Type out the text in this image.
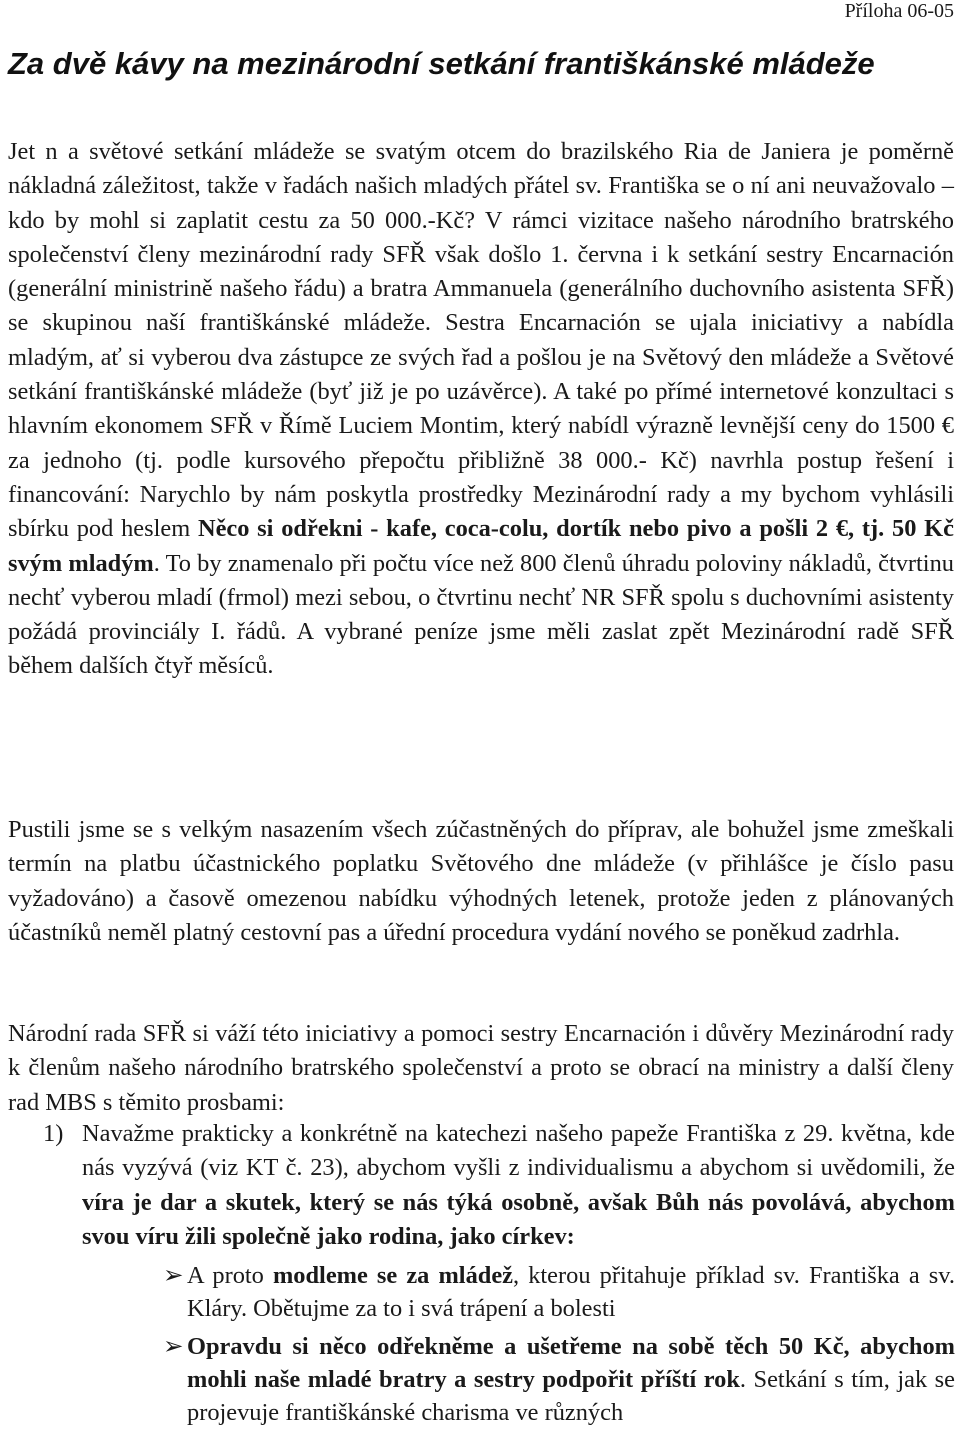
Příloha 06-05
Za dvě kávy na mezinárodní setkání františkánské mládeže

Jet n a světové setkání mládeže se svatým otcem do brazilského Ria de Janiera je poměrně nákladná záležitost, takže v řadách našich mladých přátel sv. Františka se o ní ani neuvažovalo – kdo by mohl si zaplatit cestu za 50 000.-Kč? V rámci vizitace našeho národního bratrského společenství členy mezinárodní rady SFŘ však došlo 1. června i k setkání sestry Encarnación (generální ministrině našeho řádu) a bratra Ammanuela (generálního duchovního asistenta SFŘ) se skupinou naší františkánské mládeže. Sestra Encarnación se ujala iniciativy a nabídla mladým, ať si vyberou dva zástupce ze svých řad a pošlou je na Světový den mládeže a Světové setkání františkánské mládeže (byť již je po uzávěrce). A také po přímé internetové konzultaci s hlavním ekonomem SFŘ v Římě Luciem Montim, který nabídl výrazně levnější ceny do 1500 € za jednoho (tj. podle kursového přepočtu přibližně 38 000.- Kč) navrhla postup řešení i financování: Narychlo by nám poskytla prostředky Mezinárodní rady a my bychom vyhlásili sbírku pod heslem Něco si odřekni - kafe, coca-colu, dortík nebo pivo a pošli 2 €, tj. 50 Kč svým mladým. To by znamenalo při počtu více než 800 členů úhradu poloviny nákladů, čtvrtinu nechť vyberou mladí (frmol) mezi sebou, o čtvrtinu nechť NR SFŘ spolu s duchovními asistenty požádá provinciály I. řádů. A vybrané peníze jsme měli zaslat zpět Mezinárodní radě SFŘ během dalších čtyř měsíců.

Pustili jsme se s velkým nasazením všech zúčastněných do příprav, ale bohužel jsme zmeškali termín na platbu účastnického poplatku Světového dne mládeže (v přihlášce je číslo pasu vyžadováno) a časově omezenou nabídku výhodných letenek, protože jeden z plánovaných účastníků neměl platný cestovní pas a úřední procedura vydání nového se poněkud zadrhla.

Národní rada SFŘ si váží této iniciativy a pomoci sestry Encarnación i důvěry Mezinárodní rady k členům našeho národního bratrského společenství a proto se obrací na ministry a další členy rad MBS s těmito prosbami:

1) Navažme prakticky a konkrétně na katechezi našeho papeže Františka z 29. května, kde nás vyzývá (viz KT č. 23), abychom vyšli z individualismu a abychom si uvědomili, že víra je dar a skutek, který se nás týká osobně, avšak Bůh nás povolává, abychom svou víru žili společně jako rodina, jako církev:
➢ A proto modleme se za mládež, kterou přitahuje příklad sv. Františka a sv. Kláry. Obětujme za to i svá trápení a bolesti
➢ Opravdu si něco odřekněme a ušetřeme na sobě těch 50 Kč, abychom mohli naše mladé bratry a sestry podpořit příští rok. Setkání s tím, jak se projevuje františkánské charisma ve různých
